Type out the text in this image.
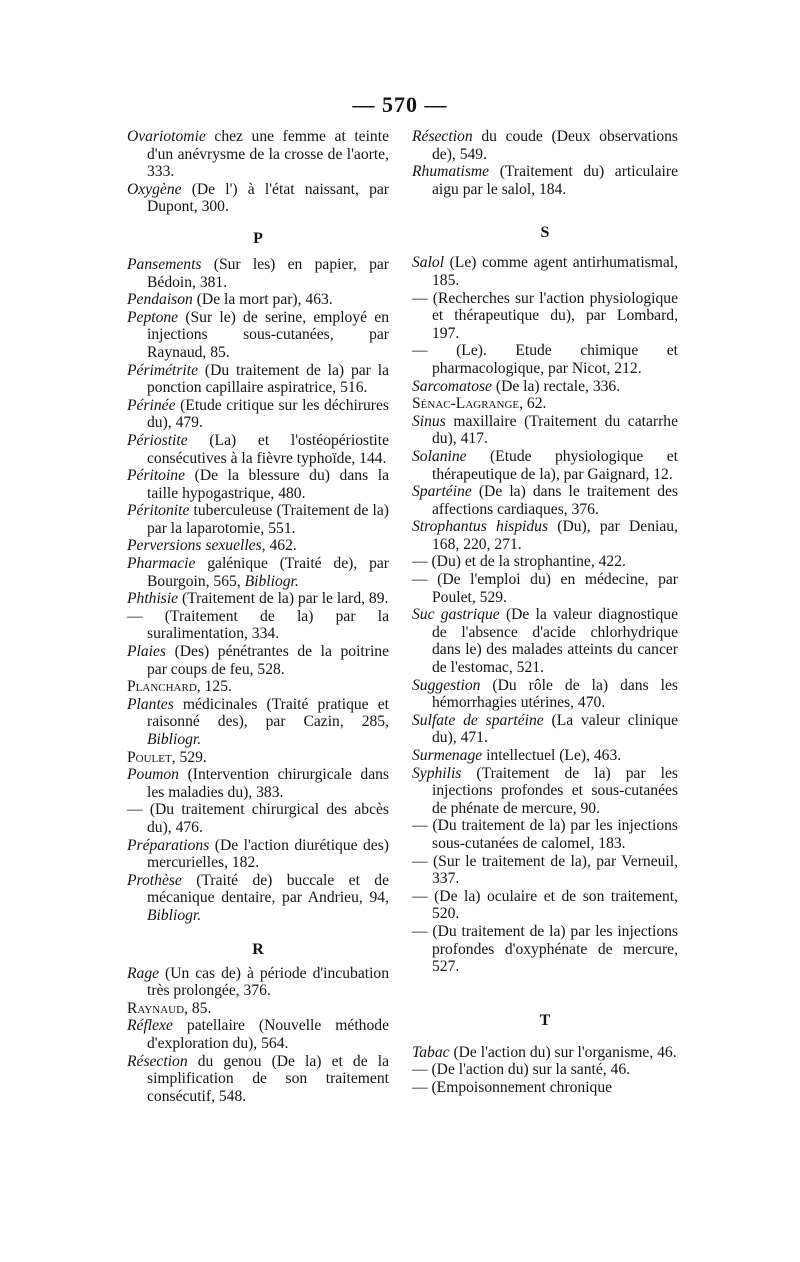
— 570 —
Ovariotomie chez une femme at teinte d'un anévrysme de la crosse de l'aorte, 333.
Oxygène (De l') à l'état naissant, par Dupont, 300.
P
Pansements (Sur les) en papier, par Bédoin, 381.
Pendaison (De la mort par), 463.
Peptone (Sur le) de serine, employé en injections sous-cutanées, par Raynaud, 85.
Périmétrite (Du traitement de la) par la ponction capillaire aspiratrice, 516.
Périnée (Etude critique sur les déchirures du), 479.
Périostite (La) et l'ostéopériostite consécutives à la fièvre typhoïde, 144.
Péritoine (De la blessure du) dans la taille hypogastrique, 480.
Péritonite tuberculeuse (Traitement de la) par la laparotomie, 551.
Perversions sexuelles, 462.
Pharmacie galénique (Traité de), par Bourgoin, 565, Bibliogr.
Phthisie (Traitement de la) par le lard, 89.
— (Traitement de la) par la suralimentation, 334.
Plaies (Des) pénétrantes de la poitrine par coups de feu, 528.
Planchard, 125.
Plantes médicinales (Traité pratique et raisonné des), par Cazin, 285, Bibliogr.
Poulet, 529.
Poumon (Intervention chirurgicale dans les maladies du), 383.
— (Du traitement chirurgical des abcès du), 476.
Préparations (De l'action diurétique des) mercurielles, 182.
Prothèse (Traité de) buccale et de mécanique dentaire, par Andrieu, 94, Bibliogr.
R
Rage (Un cas de) à période d'incubation très prolongée, 376.
Raynaud, 85.
Réflexe patellaire (Nouvelle méthode d'exploration du), 564.
Résection du genou (De la) et de la simplification de son traitement consécutif, 548.
Résection du coude (Deux observations de), 549.
Rhumatisme (Traitement du) articulaire aigu par le salol, 184.
S
Salol (Le) comme agent antirhumatismal, 185.
— (Recherches sur l'action physiologique et thérapeutique du), par Lombard, 197.
— (Le). Etude chimique et pharmacologique, par Nicot, 212.
Sarcomatose (De la) rectale, 336.
Sénac-Lagrange, 62.
Sinus maxillaire (Traitement du catarrhe du), 417.
Solanine (Etude physiologique et thérapeutique de la), par Gaignard, 12.
Spartéine (De la) dans le traitement des affections cardiaques, 376.
Strophantus hispidus (Du), par Deniau, 168, 220, 271.
— (Du) et de la strophantine, 422.
— (De l'emploi du) en médecine, par Poulet, 529.
Suc gastrique (De la valeur diagnostique de l'absence d'acide chlorhydrique dans le) des malades atteints du cancer de l'estomac, 521.
Suggestion (Du rôle de la) dans les hémorrhagies utérines, 470.
Sulfate de spartéine (La valeur clinique du), 471.
Surmenage intellectuel (Le), 463.
Syphilis (Traitement de la) par les injections profondes et sous-cutanées de phénate de mercure, 90.
— (Du traitement de la) par les injections sous-cutanées de calomel, 183.
— (Sur le traitement de la), par Verneuil, 337.
— (De la) oculaire et de son traitement, 520.
— (Du traitement de la) par les injections profondes d'oxyphénate de mercure, 527.
T
Tabac (De l'action du) sur l'organisme, 46.
— (De l'action du) sur la santé, 46.
— (Empoisonnement chronique
